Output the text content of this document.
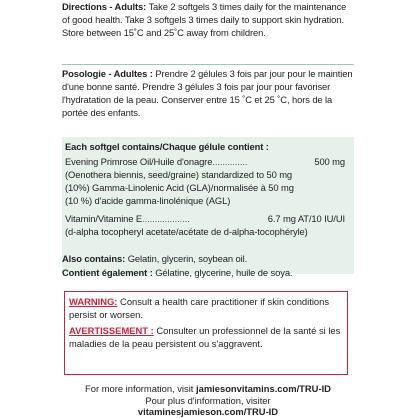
Directions - Adults: Take 2 softgels 3 times daily for the maintenance of good health. Take 3 softgels 3 times daily to support skin hydration. Store between 15˚C and 25˚C away from children.
Posologie - Adultes : Prendre 2 gélules 3 fois par jour pour le maintien d'une bonne santé. Prendre 3 gélules 3 fois par jour pour favoriser l'hydratation de la peau. Conserver entre 15 ˚C et 25 ˚C, hors de la portée des enfants.
Each softgel contains/Chaque gélule contient :
Evening Primrose Oil/Huile d'onagre..............	500 mg
(Oenothera biennis, seed/graine) standardized to 50 mg
(10%) Gamma-Linolenic Acid (GLA)/normalisée à 50 mg
(10 %) d'acide gamma-linolénique (AGL)
Vitamin/Vitamine E...................	6.7 mg AT/10 IU/UI
(d-alpha tocopheryl acetate/acétate de d-alpha-tocophéryle)
Also contains: Gelatin, glycerin, soybean oil.
Contient également : Gélatine, glycerine, huile de soya.

WARNING: Consult a health care practitioner if skin conditions persist or worsen.

AVERTISSEMENT : Consulter un professionnel de la santé si les maladies de la peau persistent ou s'aggravent.

For more information, visit jamiesonvitamins.com/TRU-ID
Pour plus d'information, visiter
vitaminesjamieson.com/TRU-ID
